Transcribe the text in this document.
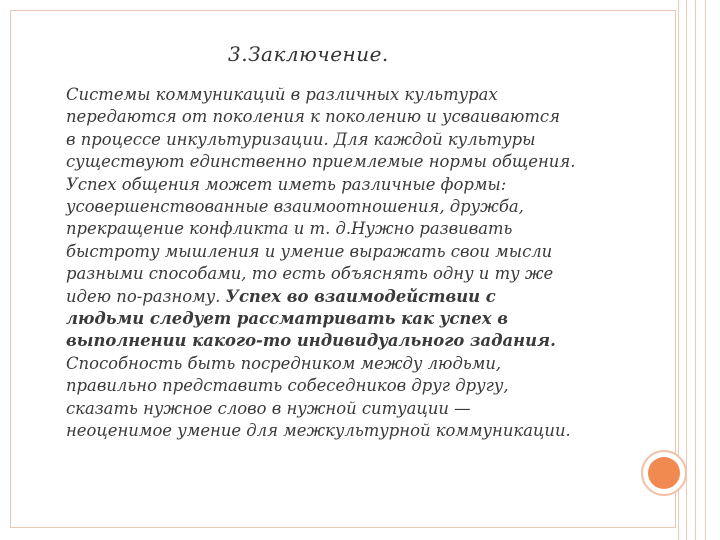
3.Заключение.
Системы коммуникаций в различных культурах
передаются от поколения к поколению и усваиваются
в процессе инкультуризации. Для каждой культуры
существуют единственно приемлемые нормы общения.
Успех общения может иметь различные формы:
усовершенствованные взаимоотношения, дружба,
прекращение конфликта и т. д.Нужно развивать
быстроту мышления и умение выражать свои мысли
разными способами, то есть объяснять одну и ту же
идею по-разному. Успех во взаимодействии с
людьми следует рассматривать как успех в
выполнении какого-то индивидуального задания.
Способность быть посредником между людьми,
правильно представить собеседников друг другу,
сказать нужное слово в нужной ситуации —
неоценимое умение для межкультурной коммуникации.
